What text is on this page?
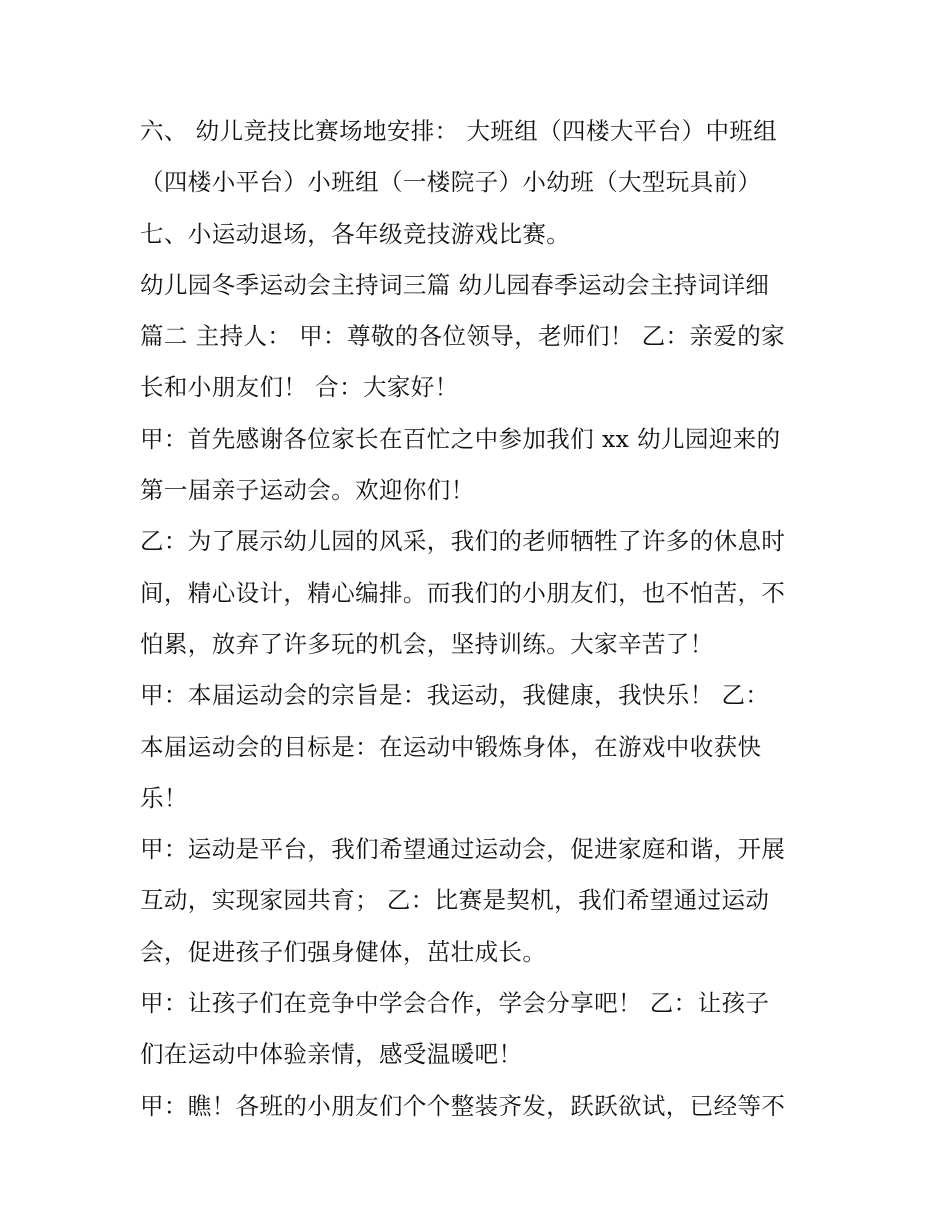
六、 幼儿竞技比赛场地安排： 大班组（四楼大平台）中班组
（四楼小平台）小班组（一楼院子）小幼班（大型玩具前）
七、小运动退场，各年级竞技游戏比赛。
幼儿园冬季运动会主持词三篇 幼儿园春季运动会主持词详细
篇二 主持人： 甲：尊敬的各位领导，老师们！ 乙：亲爱的家
长和小朋友们！ 合：大家好！
甲：首先感谢各位家长在百忙之中参加我们 xx 幼儿园迎来的
第一届亲子运动会。欢迎你们！
乙：为了展示幼儿园的风采，我们的老师牺牲了许多的休息时
间，精心设计，精心编排。而我们的小朋友们，也不怕苦，不
怕累，放弃了许多玩的机会，坚持训练。大家辛苦了！
甲：本届运动会的宗旨是：我运动，我健康，我快乐！ 乙：
本届运动会的目标是：在运动中锻炼身体，在游戏中收获快
乐！
甲：运动是平台，我们希望通过运动会，促进家庭和谐，开展
互动，实现家园共育； 乙：比赛是契机，我们希望通过运动
会，促进孩子们强身健体，茁壮成长。
甲：让孩子们在竞争中学会合作，学会分享吧！ 乙：让孩子
们在运动中体验亲情，感受温暖吧！
甲：瞧！各班的小朋友们个个整装齐发，跃跃欲试，已经等不
